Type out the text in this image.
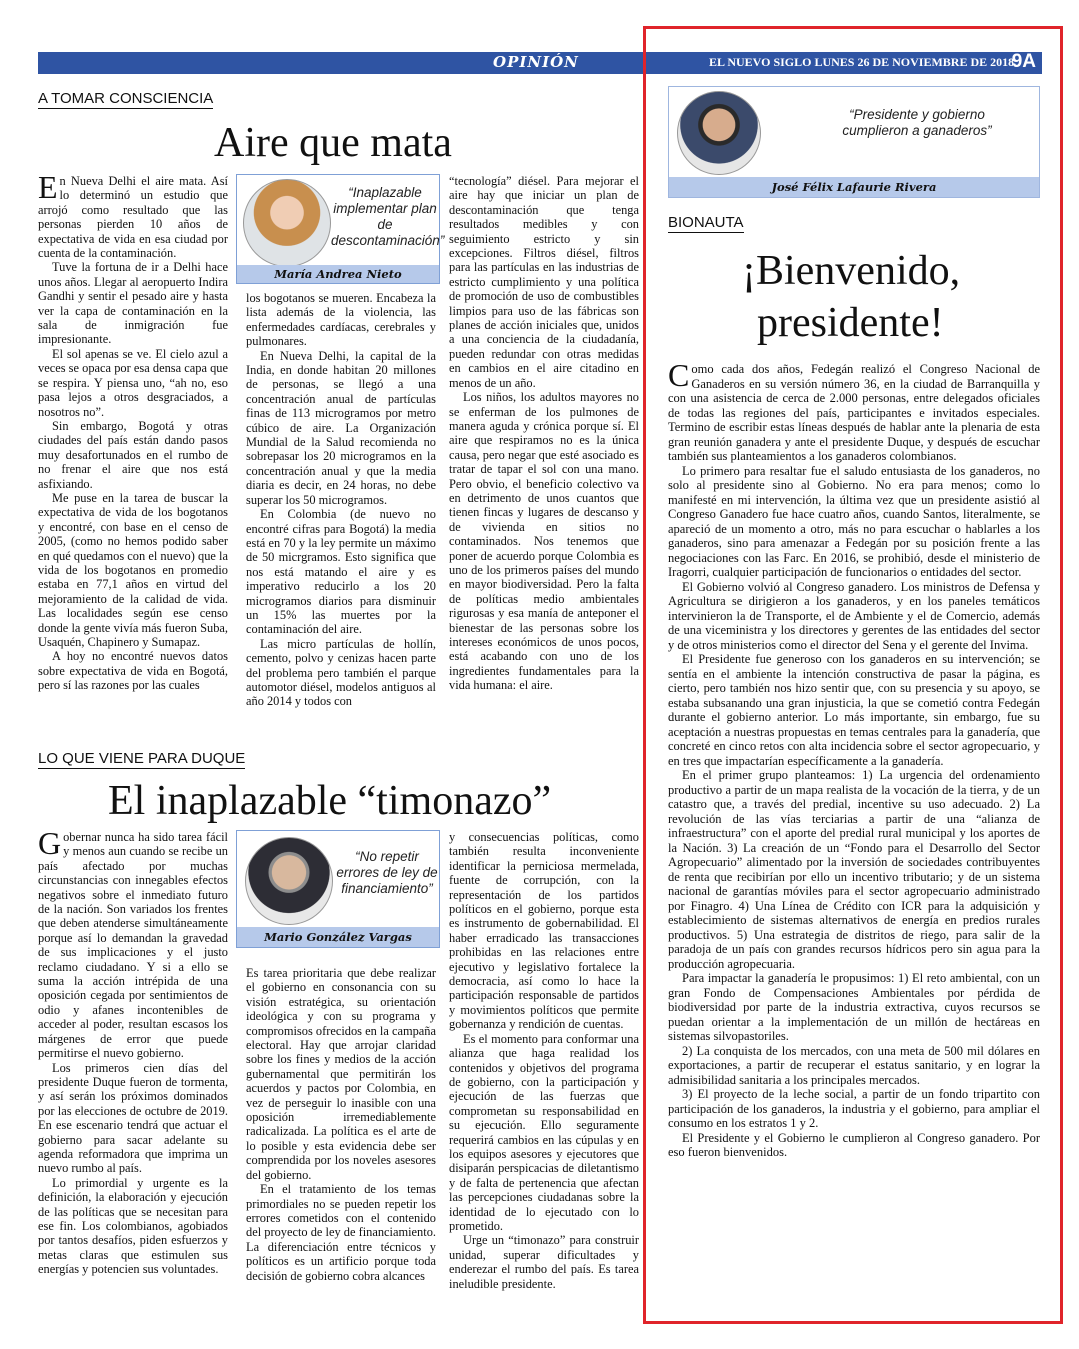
OPINIÓN	EL NUEVO SIGLO LUNES 26 DE NOVIEMBRE DE 2018
9A
A TOMAR CONSCIENCIA
Aire que mata

En Nueva Delhi el aire mata. Así lo determinó un estudio que arrojó como resultado que las personas pierden 10 años de expectativa de vida en esa ciudad por cuenta de la contaminación.

Tuve la fortuna de ir a Delhi hace unos años. Llegar al aeropuerto Indira Gandhi y sentir el pesado aire y hasta ver la capa de contaminación en la sala de inmigración fue impresionante.

El sol apenas se ve. El cielo azul a veces se opaca por esa densa capa que se respira. Y piensa uno, “ah no, eso pasa lejos a otros desgraciados, a nosotros no”.

Sin embargo, Bogotá y otras ciudades del país están dando pasos muy desafortunados en el rumbo de no frenar el aire que nos está asfixiando.

Me puse en la tarea de buscar la expectativa de vida de los bogotanos y encontré, con base en el censo de 2005, (como no hemos podido saber en qué quedamos con el nuevo) que la vida de los bogotanos en promedio estaba en 77,1 años en virtud del mejoramiento de la calidad de vida. Las localidades según ese censo donde la gente vivía más fueron Suba, Usaquén, Chapinero y Sumapaz.

A hoy no encontré nuevos datos sobre expectativa de vida en Bogotá, pero sí las razones por las cuales

“Inaplazable implementar plan de descontaminación”
María Andrea Nieto

los bogotanos se mueren. Encabeza la lista además de la violencia, las enfermedades cardíacas, cerebrales y pulmonares.

En Nueva Delhi, la capital de la India, en donde habitan 20 millones de personas, se llegó a una concentración anual de partículas finas de 113 microgramos por metro cúbico de aire. La Organización Mundial de la Salud recomienda no sobrepasar los 20 microgramos en la concentración anual y que la media diaria es decir, en 24 horas, no debe superar los 50 microgramos.

En Colombia (de nuevo no encontré cifras para Bogotá) la media está en 70 y la ley permite un máximo de 50 micrgramos. Esto significa que nos está matando el aire y es imperativo reducirlo a los 20 microgramos diarios para disminuir un 15% las muertes por la contaminación del aire.

Las micro partículas de hollín, cemento, polvo y cenizas hacen parte del problema pero también el parque automotor diésel, modelos antiguos al año 2014 y todos con

“tecnología” diésel. Para mejorar el aire hay que iniciar un plan de descontaminación que tenga resultados medibles y con seguimiento estricto y sin excepciones. Filtros diésel, filtros para las partículas en las industrias de estricto cumplimiento y una política de promoción de uso de combustibles limpios para uso de las fábricas son planes de acción iniciales que, unidos a una conciencia de la ciudadanía, pueden redundar con otras medidas en cambios en el aire citadino en menos de un año.

Los niños, los adultos mayores no se enferman de los pulmones de manera aguda y crónica porque sí. El aire que respiramos no es la única causa, pero negar que esté asociado es tratar de tapar el sol con una mano. Pero obvio, el beneficio colectivo va en detrimento de unos cuantos que tienen fincas y lugares de descanso y de vivienda en sitios no contaminados. Nos tenemos que poner de acuerdo porque Colombia es uno de los primeros países del mundo en mayor biodiversidad. Pero la falta de políticas medio ambientales rigurosas y esa manía de anteponer el bienestar de las personas sobre los intereses económicos de unos pocos, está acabando con uno de los ingredientes fundamentales para la vida humana: el aire.

LO QUE VIENE PARA DUQUE
El inaplazable “timonazo”

Gobernar nunca ha sido tarea fácil y menos aun cuando se recibe un país afectado por muchas circunstancias con innegables efectos negativos sobre el inmediato futuro de la nación. Son variados los frentes que deben atenderse simultáneamente porque así lo demandan la gravedad de sus implicaciones y el justo reclamo ciudadano. Y si a ello se suma la acción intrépida de una oposición cegada por sentimientos de odio y afanes incontenibles de acceder al poder, resultan escasos los márgenes de error que puede permitirse el nuevo gobierno.

Los primeros cien días del presidente Duque fueron de tormenta, y así serán los próximos dominados por las elecciones de octubre de 2019. En ese escenario tendrá que actuar el gobierno para sacar adelante su agenda reformadora que imprima un nuevo rumbo al país.

Lo primordial y urgente es la definición, la elaboración y ejecución de las políticas que se necesitan para ese fin. Los colombianos, agobiados por tantos desafíos, piden esfuerzos y metas claras que estimulen sus energías y potencien sus voluntades.

“No repetir errores de ley de financiamiento”
Mario González Vargas

Es tarea prioritaria que debe realizar el gobierno en consonancia con su visión estratégica, su orientación ideológica y con su programa y compromisos ofrecidos en la campaña electoral. Hay que arrojar claridad sobre los fines y medios de la acción gubernamental que permitirán los acuerdos y pactos por Colombia, en vez de perseguir lo inasible con una oposición irremediablemente radicalizada. La política es el arte de lo posible y esta evidencia debe ser comprendida por los noveles asesores del gobierno.

En el tratamiento de los temas primordiales no se pueden repetir los errores cometidos con el contenido del proyecto de ley de financiamiento. La diferenciación entre técnicos y políticos es un artificio porque toda decisión de gobierno cobra alcances

y consecuencias políticas, como también resulta inconveniente identificar la perniciosa mermelada, fuente de corrupción, con la representación de los partidos políticos en el gobierno, porque esta es instrumento de gobernabilidad. El haber erradicado las transacciones prohibidas en las relaciones entre ejecutivo y legislativo fortalece la democracia, así como lo hace la participación responsable de partidos y movimientos políticos que permite gobernanza y rendición de cuentas.

Es el momento para conformar una alianza que haga realidad los contenidos y objetivos del programa de gobierno, con la participación y ejecución de las fuerzas que comprometan su responsabilidad en su ejecución. Ello seguramente requerirá cambios en las cúpulas y en los equipos asesores y ejecutores que disiparán perspicacias de diletantismo y de falta de pertenencia que afectan las percepciones ciudadanas sobre la identidad de lo ejecutado con lo prometido.

Urge un “timonazo” para construir unidad, superar dificultades y enderezar el rumbo del país. Es tarea ineludible presidente.

“Presidente y gobierno cumplieron a ganaderos”
José Félix Lafaurie Rivera
BIONAUTA
¡Bienvenido,
presidente!

Como cada dos años, Fedegán realizó el Congreso Nacional de Ganaderos en su versión número 36, en la ciudad de Barranquilla y con una asistencia de cerca de 2.000 personas, entre delegados oficiales de todas las regiones del país, participantes e invitados especiales. Termino de escribir estas líneas después de hablar ante la plenaria de esta gran reunión ganadera y ante el presidente Duque, y después de escuchar también sus planteamientos a los ganaderos colombianos.

Lo primero para resaltar fue el saludo entusiasta de los ganaderos, no solo al presidente sino al Gobierno. No era para menos; como lo manifesté en mi intervención, la última vez que un presidente asistió al Congreso Ganadero fue hace cuatro años, cuando Santos, literalmente, se apareció de un momento a otro, más no para escuchar o hablarles a los ganaderos, sino para amenazar a Fedegán por su posición frente a las negociaciones con las Farc. En 2016, se prohibió, desde el ministerio de Iragorri, cualquier participación de funcionarios o entidades del sector.

El Gobierno volvió al Congreso ganadero. Los ministros de Defensa y Agricultura se dirigieron a los ganaderos, y en los paneles temáticos intervinieron la de Transporte, el de Ambiente y el de Comercio, además de una viceministra y los directores y gerentes de las entidades del sector y de otros ministerios como el director del Sena y el gerente del Invima.

El Presidente fue generoso con los ganaderos en su intervención; se sentía en el ambiente la intención constructiva de pasar la página, es cierto, pero también nos hizo sentir que, con su presencia y su apoyo, se estaba subsanando una gran injusticia, la que se cometió contra Fedegán durante el gobierno anterior. Lo más importante, sin embargo, fue su aceptación a nuestras propuestas en temas centrales para la ganadería, que concreté en cinco retos con alta incidencia sobre el sector agropecuario, y en tres que impactarían específicamente a la ganadería.

En el primer grupo planteamos: 1) La urgencia del ordenamiento productivo a partir de un mapa realista de la vocación de la tierra, y de un catastro que, a través del predial, incentive su uso adecuado. 2) La revolución de las vías terciarias a partir de una “alianza de infraestructura” con el aporte del predial rural municipal y los aportes de la Nación. 3) La creación de un “Fondo para el Desarrollo del Sector Agropecuario” alimentado por la inversión de sociedades contribuyentes de renta que recibirían por ello un incentivo tributario; y de un sistema nacional de garantías móviles para el sector agropecuario administrado por Finagro. 4) Una Línea de Crédito con ICR para la adquisición y establecimiento de sistemas alternativos de energía en predios rurales productivos. 5) Una estrategia de distritos de riego, para salir de la paradoja de un país con grandes recursos hídricos pero sin agua para la producción agropecuaria.

Para impactar la ganadería le propusimos: 1) El reto ambiental, con un gran Fondo de Compensaciones Ambientales por pérdida de biodiversidad por parte de la industria extractiva, cuyos recursos se puedan orientar a la implementación de un millón de hectáreas en sistemas silvopastoriles.

2) La conquista de los mercados, con una meta de 500 mil dólares en exportaciones, a partir de recuperar el estatus sanitario, y en lograr la admisibilidad sanitaria a los principales mercados.

3) El proyecto de la leche social, a partir de un fondo tripartito con participación de los ganaderos, la industria y el gobierno, para ampliar el consumo en los estratos 1 y 2.

El Presidente y el Gobierno le cumplieron al Congreso ganadero. Por eso fueron bienvenidos.
